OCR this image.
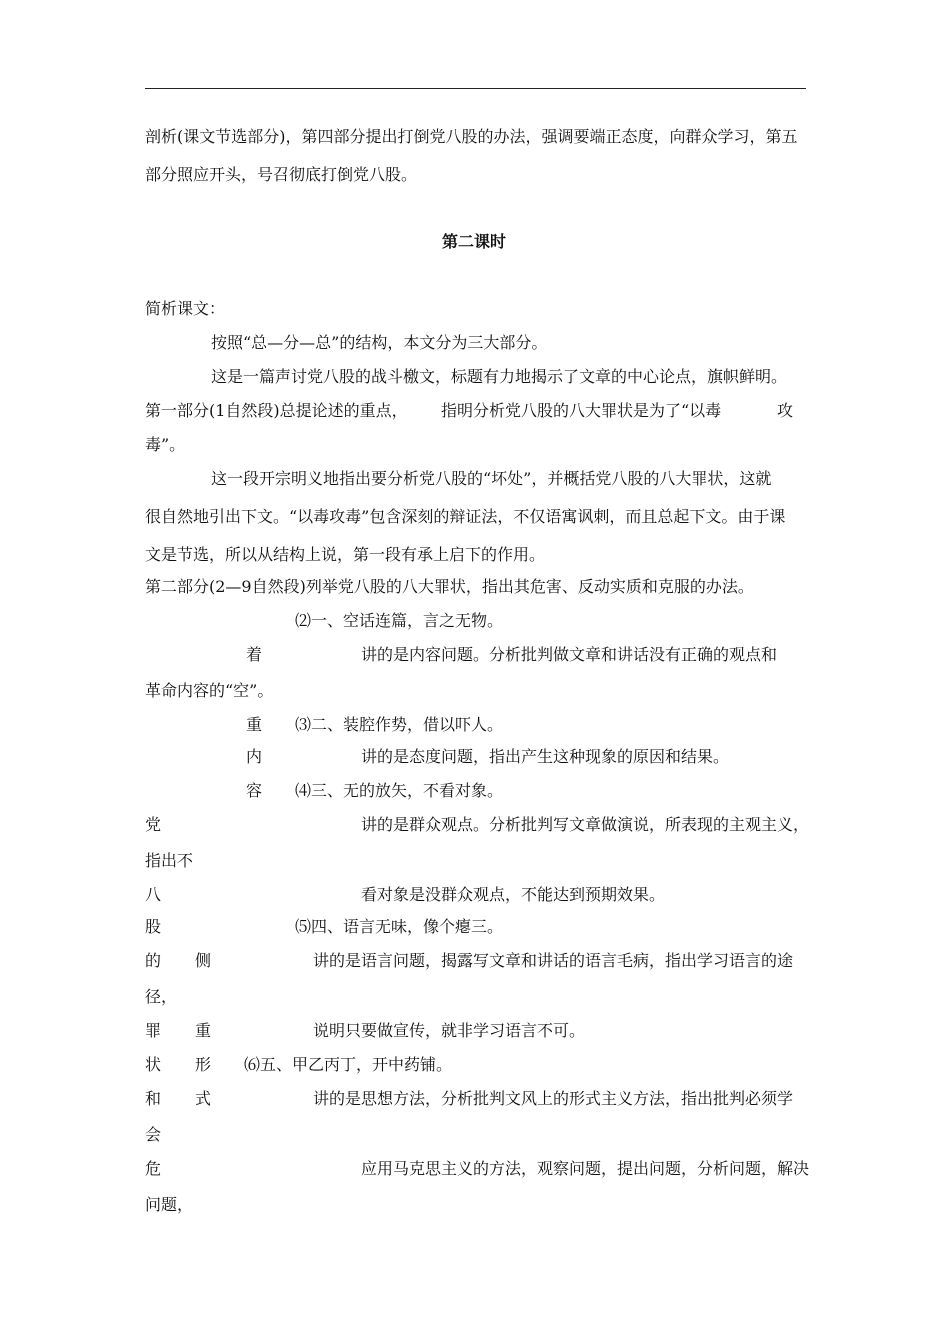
剖析(课文节选部分)，第四部分提出打倒党八股的办法，强调要端正态度，向群众学习，第五
部分照应开头，号召彻底打倒党八股。
第二课时
简析课文：
按照“总—分—总”的结构，本文分为三大部分。
这是一篇声讨党八股的战斗檄文，标题有力地揭示了文章的中心论点，旗帜鲜明。
第一部分(1自然段)总提论述的重点， 指明分析党八股的八大罪状是为了“以毒	攻
毒”。
这一段开宗明义地指出要分析党八股的“坏处”，并概括党八股的八大罪状，这就
很自然地引出下文。“以毒攻毒”包含深刻的辩证法，不仅语寓讽刺，而且总起下文。由于课
文是节选，所以从结构上说，第一段有承上启下的作用。
第二部分(2—9自然段)列举党八股的八大罪状，指出其危害、反动实质和克服的办法。
⑵一、空话连篇，言之无物。
讲的是内容问题。分析批判做文章和讲话没有正确的观点和
革命内容的“空”。
⑶二、装腔作势，借以吓人。
讲的是态度问题，指出产生这种现象的原因和结果。
⑷三、无的放矢，不看对象。
讲的是群众观点。分析批判写文章做演说，所表现的主观主义，
指出不
看对象是没群众观点，不能达到预期效果。
⑸四、语言无味，像个瘪三。
讲的是语言问题，揭露写文章和讲话的语言毛病，指出学习语言的途
径，
说明只要做宣传，就非学习语言不可。
⑹五、甲乙丙丁，开中药铺。
讲的是思想方法，分析批判文风上的形式主义方法，指出批判必须学
会
应用马克思主义的方法，观察问题，提出问题，分析问题，解决
问题，
党
八
股
的
罪
状
和
危
着
重
内
容
侧
重
形
式
